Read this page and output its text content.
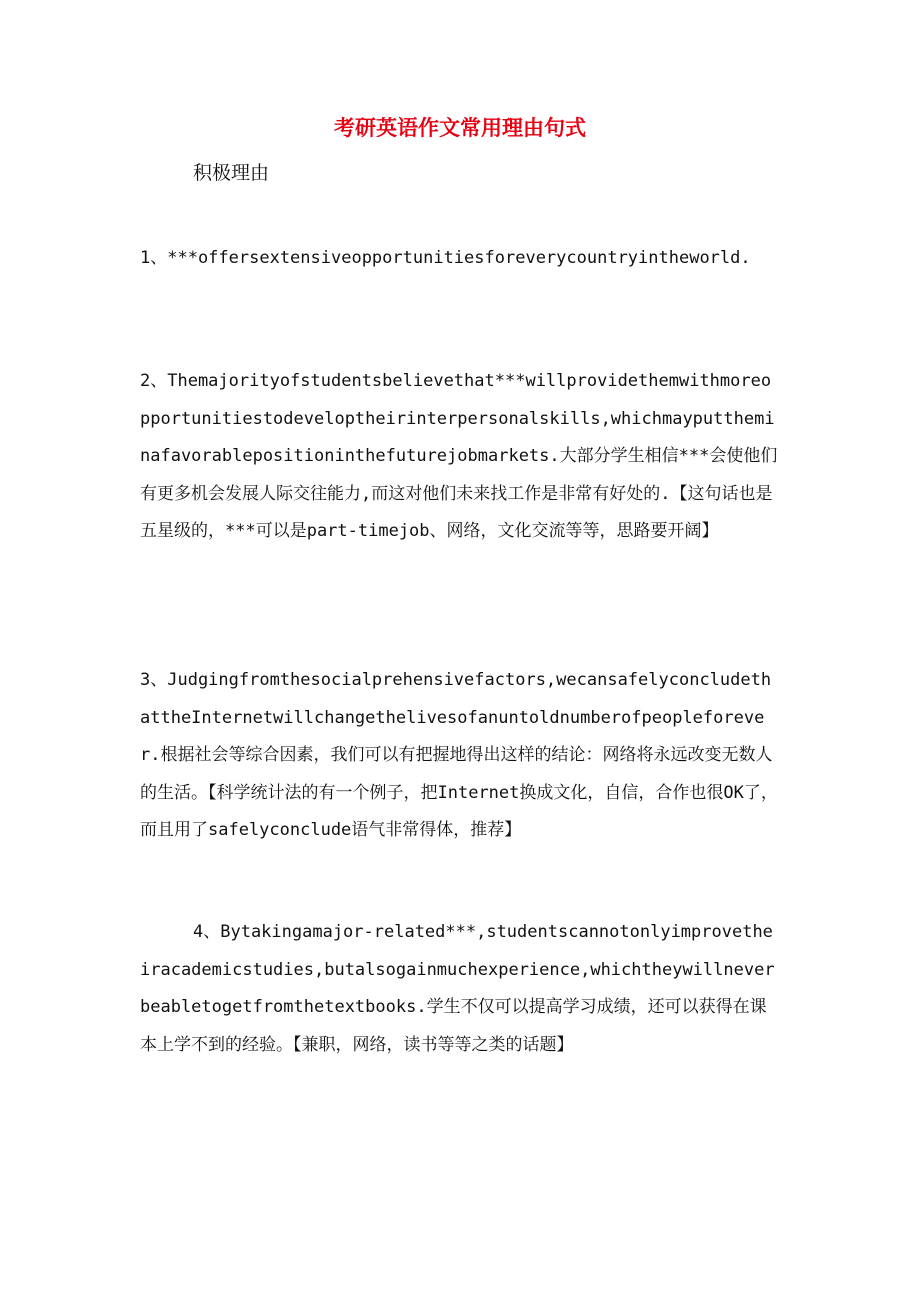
考研英语作文常用理由句式

积极理由

1、***offersextensiveopportunitiesforeverycountryintheworld.

2、Themajorityofstudentsbelievethat***willprovidethemwithmoreopportunitiestodeveloptheirinterpersonalskills,whichmayputtheminafavorablepositioninthefuturejobmarkets.大部分学生相信***会使他们有更多机会发展人际交往能力,而这对他们未来找工作是非常有好处的.【这句话也是五星级的，***可以是part-timejob、网络，文化交流等等，思路要开阔】

3、Judgingfromthesocialprehensivefactors,wecansafelyconcludethattheInternetwillchangethelivesofanuntoldnumberofpeopleforever.根据社会等综合因素，我们可以有把握地得出这样的结论：网络将永远改变无数人的生活。【科学统计法的有一个例子，把Internet换成文化，自信，合作也很OK了，而且用了safelyconclude语气非常得体，推荐】

4、Bytakingamajor-related***,studentscannotonlyimprovetheiracademicstudies,butalsogainmuchexperience,whichtheywillneverbeabletogetfromthetextbooks.学生不仅可以提高学习成绩，还可以获得在课本上学不到的经验。【兼职，网络，读书等等之类的话题】
